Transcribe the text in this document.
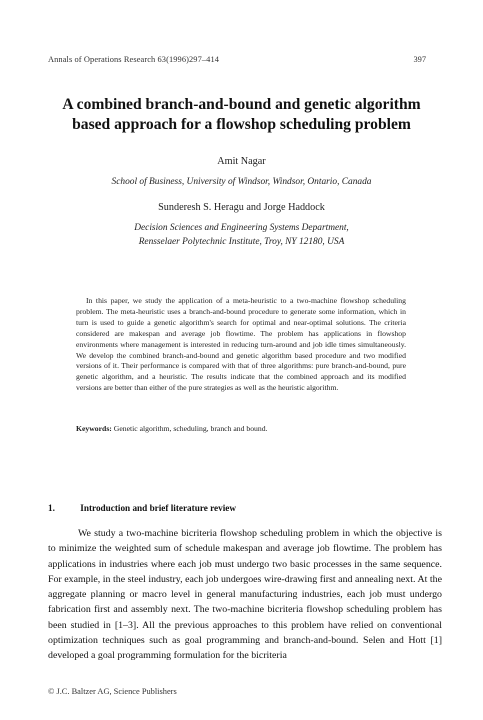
Annals of Operations Research 63(1996)297–414	397
A combined branch-and-bound and genetic algorithm
based approach for a flowshop scheduling problem
Amit Nagar
School of Business, University of Windsor, Windsor, Ontario, Canada
Sunderesh S. Heragu and Jorge Haddock
Decision Sciences and Engineering Systems Department,
Rensselaer Polytechnic Institute, Troy, NY 12180, USA
In this paper, we study the application of a meta-heuristic to a two-machine flowshop scheduling problem. The meta-heuristic uses a branch-and-bound procedure to generate some information, which in turn is used to guide a genetic algorithm's search for optimal and near-optimal solutions. The criteria considered are makespan and average job flowtime. The problem has applications in flowshop environments where management is interested in reducing turn-around and job idle times simultaneously. We develop the combined branch-and-bound and genetic algorithm based procedure and two modified versions of it. Their performance is compared with that of three algorithms: pure branch-and-bound, pure genetic algorithm, and a heuristic. The results indicate that the combined approach and its modified versions are better than either of the pure strategies as well as the heuristic algorithm.
Keywords: Genetic algorithm, scheduling, branch and bound.
1.	Introduction and brief literature review
We study a two-machine bicriteria flowshop scheduling problem in which the objective is to minimize the weighted sum of schedule makespan and average job flowtime. The problem has applications in industries where each job must undergo two basic processes in the same sequence. For example, in the steel industry, each job undergoes wire-drawing first and annealing next. At the aggregate planning or macro level in general manufacturing industries, each job must undergo fabrication first and assembly next. The two-machine bicriteria flowshop scheduling problem has been studied in [1–3]. All the previous approaches to this problem have relied on conventional optimization techniques such as goal programming and branch-and-bound. Selen and Hott [1] developed a goal programming formulation for the bicriteria
© J.C. Baltzer AG, Science Publishers
